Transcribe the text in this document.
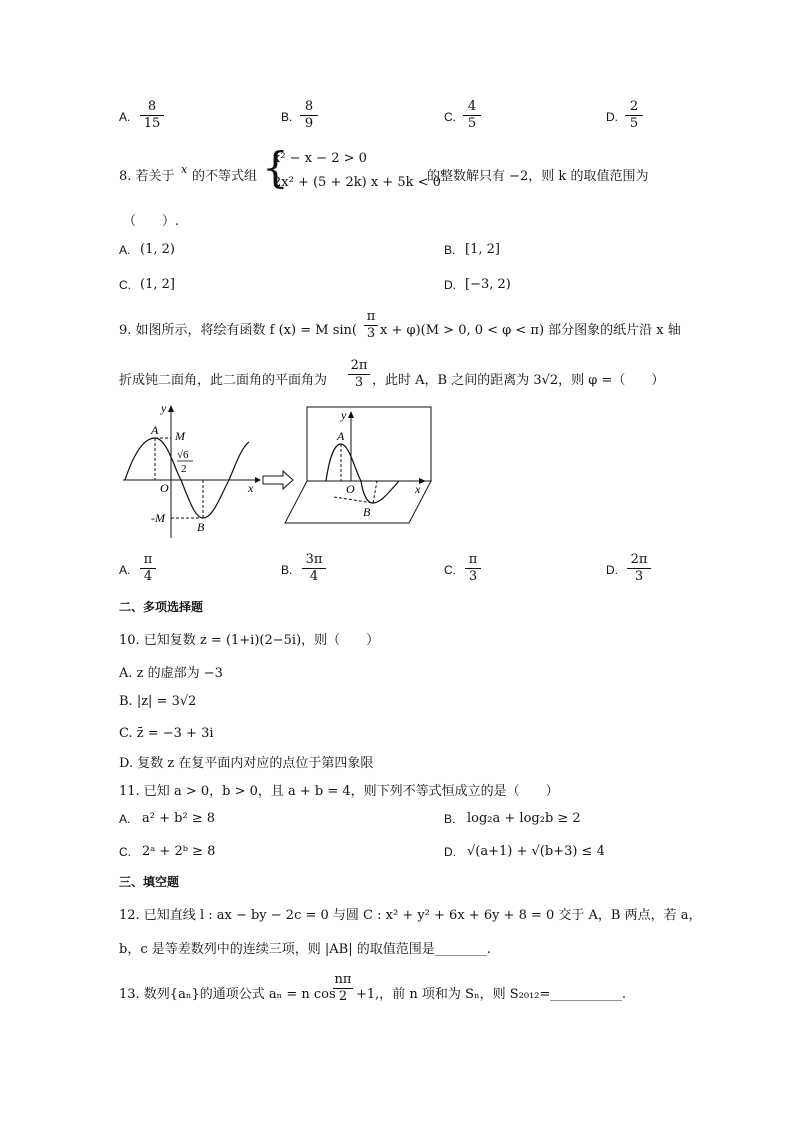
A. $\frac{8}{15}$	B. $\frac{8}{9}$	C. $\frac{4}{5}$	D. $\frac{2}{5}$
8. 若关于 x 的不等式组 {
x² − x − 2 > 0
2x² + (5 + 2k) x + 5k < 0
的整数解只有 −2，则 k 的取值范围为
（　　）.
A. (1, 2)	B. [1, 2]
C. (1, 2]	D. [−3, 2)
9. 如图所示，将绘有函数 f (x) = M $\sin( \frac{\pi}{3}$ x + φ)(M > 0, 0 < φ < π) 部分图象的纸片沿 x 轴
折成钝二面角，此二面角的平面角为 $\frac{2\pi}{3}$ ，此时 A，B 之间的距离为 3√2，则 φ =（　　）
y
A M
√6
2
O	x
-M
B
y
A
O	x
B
A. $\frac{\pi}{4}$	B. $\frac{3\pi}{4}$	C. $\frac{\pi}{3}$	D. $\frac{2\pi}{3}$
二、多项选择题
10. 已知复数 z = (1+i)(2−5i)，则（　　）
A. z 的虚部为 −3
B. |z| = 3√2
C. z̄ = −3 + 3i
D. 复数 z 在复平面内对应的点位于第四象限
11. 已知 a > 0，b > 0，且 a + b = 4，则下列不等式恒成立的是（　　）
A. a² + b² ≥ 8	B. log₂a + log₂b ≥ 2
C. 2ᵃ + 2ᵇ ≥ 8	D. √(a+1) + √(b+3) ≤ 4
三、填空题
12. 已知直线 l : ax − by − 2c = 0 与圆 C : x² + y² + 6x + 6y + 8 = 0 交于 A，B 两点，若 a，
b，c 是等差数列中的连续三项，则 |AB| 的取值范围是________.
13. 数列{aₙ}的通项公式 aₙ = n cos
$\frac{n\pi}{2} +1$,，前 n 项和为 Sₙ，则 S₂₀₁₂=___________.
